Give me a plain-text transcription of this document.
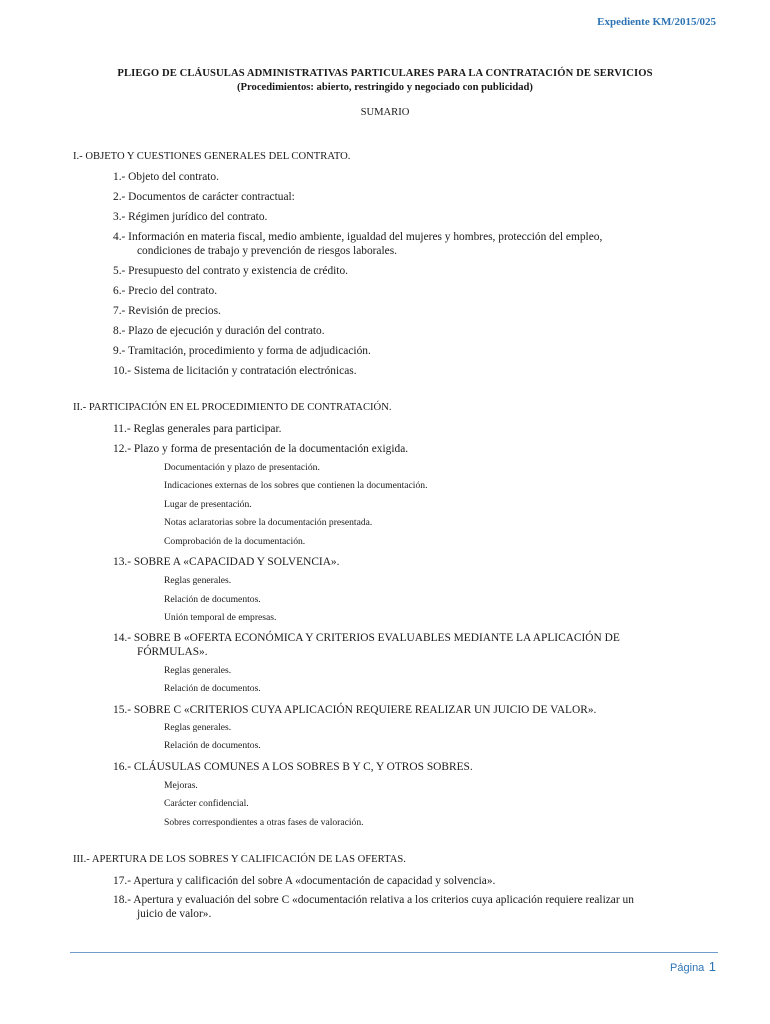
Expediente KM/2015/025
PLIEGO DE CLÁUSULAS ADMINISTRATIVAS PARTICULARES PARA LA CONTRATACIÓN DE SERVICIOS
(Procedimientos: abierto, restringido y negociado con publicidad)
SUMARIO
I.- OBJETO Y CUESTIONES GENERALES DEL CONTRATO.
1.- Objeto del contrato.
2.- Documentos de carácter contractual:
3.- Régimen jurídico del contrato.
4.- Información en materia fiscal, medio ambiente, igualdad del mujeres y hombres, protección del empleo,
condiciones de trabajo y prevención de riesgos laborales.
5.- Presupuesto del contrato y existencia de crédito.
6.- Precio del contrato.
7.- Revisión de precios.
8.- Plazo de ejecución y duración del contrato.
9.- Tramitación, procedimiento y forma de adjudicación.
10.- Sistema de licitación y contratación electrónicas.
II.- PARTICIPACIÓN EN EL PROCEDIMIENTO DE CONTRATACIÓN.
11.- Reglas generales para participar.
12.- Plazo y forma de presentación de la documentación exigida.
Documentación y plazo de presentación.
Indicaciones externas de los sobres que contienen la documentación.
Lugar de presentación.
Notas aclaratorias sobre la documentación presentada.
Comprobación de la documentación.
13.- SOBRE A «CAPACIDAD Y SOLVENCIA».
Reglas generales.
Relación de documentos.
Unión temporal de empresas.
14.- SOBRE B «OFERTA ECONÓMICA Y CRITERIOS EVALUABLES MEDIANTE LA APLICACIÓN DE
FÓRMULAS».
Reglas generales.
Relación de documentos.
15.- SOBRE C «CRITERIOS CUYA APLICACIÓN REQUIERE REALIZAR UN JUICIO DE VALOR».
Reglas generales.
Relación de documentos.
16.- CLÁUSULAS COMUNES A LOS SOBRES B Y C, Y OTROS SOBRES.
Mejoras.
Carácter confidencial.
Sobres correspondientes a otras fases de valoración.
III.- APERTURA DE LOS SOBRES Y CALIFICACIÓN DE LAS OFERTAS.
17.- Apertura y calificación del sobre A «documentación de capacidad y solvencia».
18.- Apertura y evaluación del sobre C «documentación relativa a los criterios cuya aplicación requiere realizar un
juicio de valor».
Página 1
